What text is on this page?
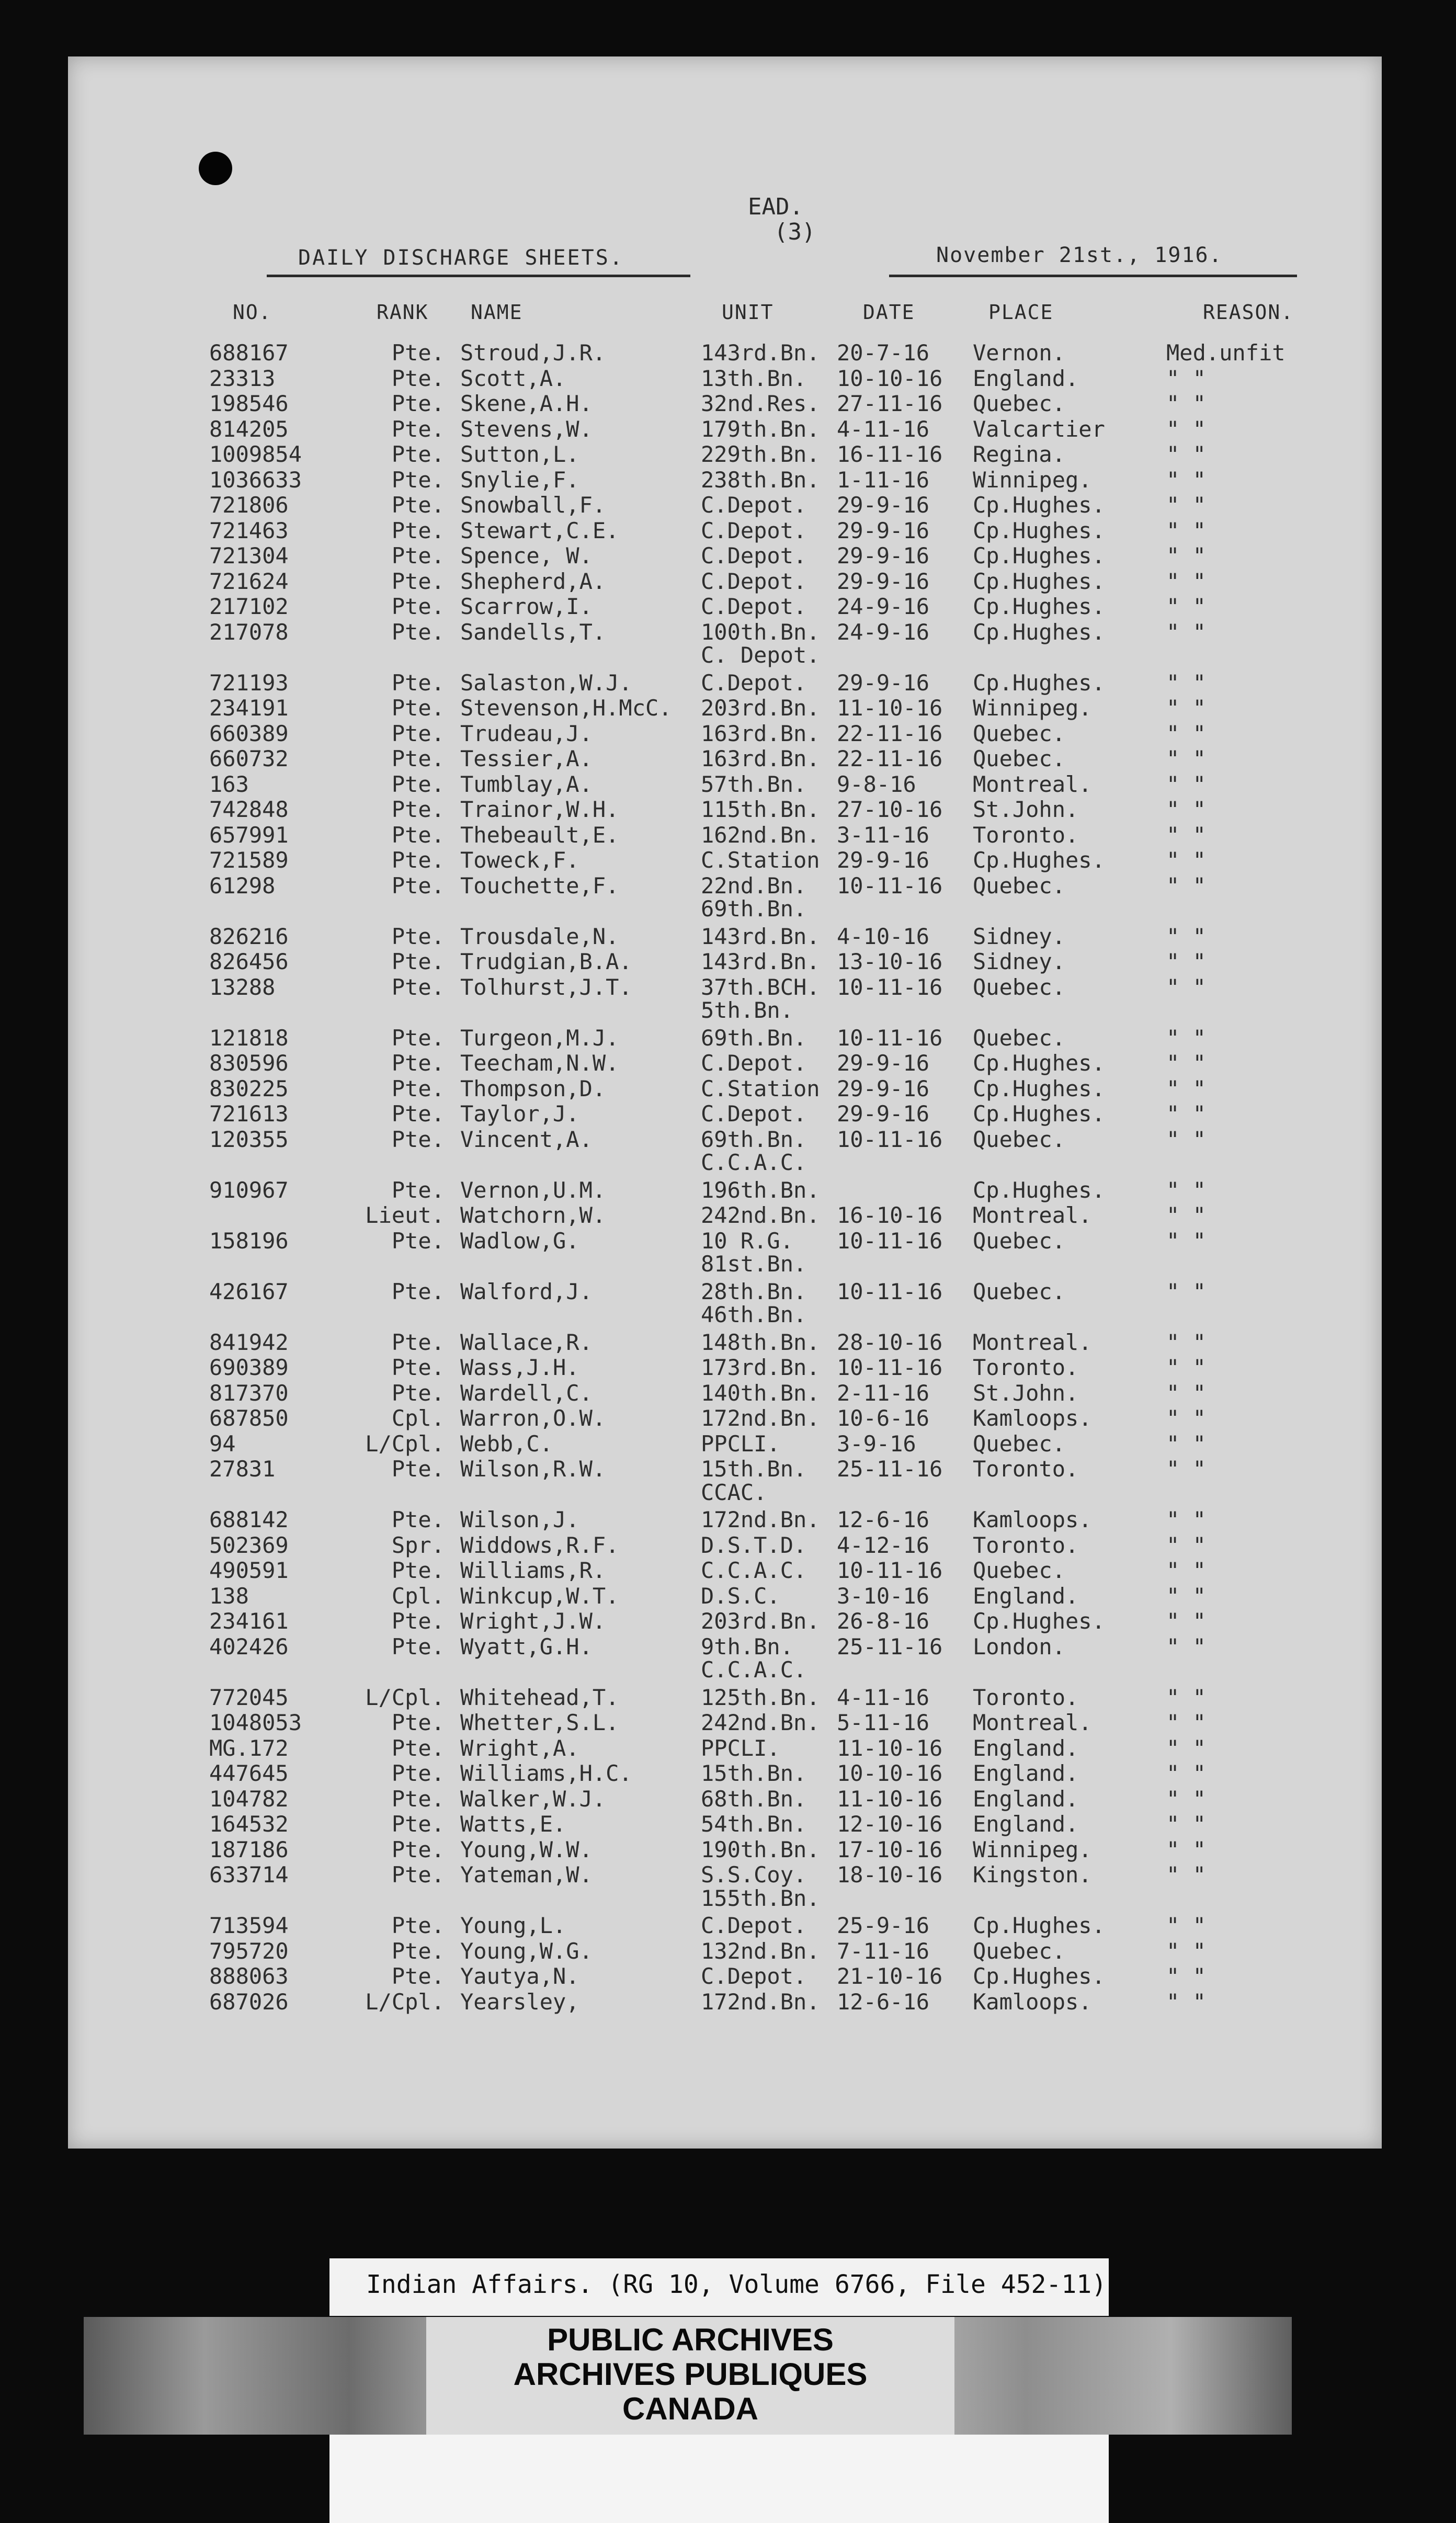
EAD.
(3)
DAILY DISCHARGE SHEETS.	November 21st., 1916.
NO.	RANK NAME	UNIT	DATE	PLACE	REASON.
688167	Pte. Stroud,J.R.	143rd.Bn. 20-7-16 Vernon.	Med.unfit
23313	Pte. Scott,A.	13th.Bn. 10-10-16 England.	" "
198546	Pte. Skene,A.H.	32nd.Res. 27-11-16 Quebec.	" "
814205	Pte. Stevens,W.	179th.Bn. 4-11-16 Valcartier	" "
1009854	Pte. Sutton,L.	229th.Bn. 16-11-16 Regina.	" "
1036633	Pte. Snylie,F.	238th.Bn. 1-11-16 Winnipeg.	" "
721806	Pte. Snowball,F.	C.Depot. 29-9-16 Cp.Hughes.	" "
721463	Pte. Stewart,C.E.	C.Depot. 29-9-16 Cp.Hughes.	" "
721304	Pte. Spence, W.	C.Depot. 29-9-16 Cp.Hughes.	" "
721624	Pte. Shepherd,A.	C.Depot. 29-9-16 Cp.Hughes.	" "
217102	Pte. Scarrow,I.	C.Depot. 24-9-16 Cp.Hughes.	" "
217078	Pte. Sandells,T.	100th.Bn. 24-9-16 Cp.Hughes.	" "
C. Depot.
721193	Pte. Salaston,W.J.	C.Depot. 29-9-16 Cp.Hughes.	" "
234191	Pte. Stevenson,H.McC. 203rd.Bn. 11-10-16 Winnipeg.	" "
660389	Pte. Trudeau,J.	163rd.Bn. 22-11-16 Quebec.	" "
660732	Pte. Tessier,A.	163rd.Bn. 22-11-16 Quebec.	" "
163	Pte. Tumblay,A.	57th.Bn. 9-8-16	Montreal.	" "
742848	Pte. Trainor,W.H.	115th.Bn. 27-10-16 St.John.	" "
657991	Pte. Thebeault,E.	162nd.Bn. 3-11-16 Toronto.	" "
721589	Pte. Toweck,F.	C.Station 29-9-16 Cp.Hughes.	" "
61298	Pte. Touchette,F.	22nd.Bn. 10-11-16 Quebec.	" "
69th.Bn.
826216	Pte. Trousdale,N.	143rd.Bn. 4-10-16 Sidney.	" "
826456	Pte. Trudgian,B.A.	143rd.Bn. 13-10-16 Sidney.	" "
13288	Pte. Tolhurst,J.T.	37th.BCH. 10-11-16 Quebec.	" "
5th.Bn.
121818	Pte. Turgeon,M.J.	69th.Bn. 10-11-16 Quebec.	" "
830596	Pte. Teecham,N.W.	C.Depot. 29-9-16 Cp.Hughes.	" "
830225	Pte. Thompson,D.	C.Station 29-9-16 Cp.Hughes.	" "
721613	Pte. Taylor,J.	C.Depot. 29-9-16 Cp.Hughes.	" "
120355	Pte. Vincent,A.	69th.Bn. 10-11-16 Quebec.	" "
C.C.A.C.
910967	Pte. Vernon,U.M.	196th.Bn.	Cp.Hughes.	" "
Lieut. Watchorn,W.	242nd.Bn. 16-10-16 Montreal.	" "
158196	Pte. Wadlow,G.	10 R.G. 10-11-16 Quebec.	" "
81st.Bn.
426167	Pte. Walford,J.	28th.Bn. 10-11-16 Quebec.	" "
46th.Bn.
841942	Pte. Wallace,R.	148th.Bn. 28-10-16 Montreal.	" "
690389	Pte. Wass,J.H.	173rd.Bn. 10-11-16 Toronto.	" "
817370	Pte. Wardell,C.	140th.Bn. 2-11-16 St.John.	" "
687850	Cpl. Warron,O.W.	172nd.Bn. 10-6-16 Kamloops.	" "
94	L/Cpl. Webb,C.	PPCLI.	3-9-16	Quebec.	" "
27831	Pte. Wilson,R.W.	15th.Bn. 25-11-16 Toronto.	" "
CCAC.
688142	Pte. Wilson,J.	172nd.Bn. 12-6-16 Kamloops.	" "
502369	Spr. Widdows,R.F.	D.S.T.D. 4-12-16 Toronto.	" "
490591	Pte. Williams,R.	C.C.A.C. 10-11-16 Quebec.	" "
138	Cpl. Winkcup,W.T.	D.S.C.	3-10-16 England.	" "
234161	Pte. Wright,J.W.	203rd.Bn. 26-8-16 Cp.Hughes.	" "
402426	Pte. Wyatt,G.H.	9th.Bn. 25-11-16 London.	" "
C.C.A.C.
772045	L/Cpl. Whitehead,T.	125th.Bn. 4-11-16 Toronto.	" "
1048053	Pte. Whetter,S.L.	242nd.Bn. 5-11-16 Montreal.	" "
MG.172	Pte. Wright,A.	PPCLI.	11-10-16 England.	" "
447645	Pte. Williams,H.C.	15th.Bn. 10-10-16 England.	" "
104782	Pte. Walker,W.J.	68th.Bn. 11-10-16 England.	" "
164532	Pte. Watts,E.	54th.Bn. 12-10-16 England.	" "
187186	Pte. Young,W.W.	190th.Bn. 17-10-16 Winnipeg.	" "
633714	Pte. Yateman,W.	S.S.Coy. 18-10-16 Kingston.	" "
155th.Bn.
713594	Pte. Young,L.	C.Depot. 25-9-16 Cp.Hughes.	" "
795720	Pte. Young,W.G.	132nd.Bn. 7-11-16 Quebec.	" "
888063	Pte. Yautya,N.	C.Depot. 21-10-16 Cp.Hughes.	" "
687026	L/Cpl. Yearsley,	172nd.Bn. 12-6-16 Kamloops.	" "
Indian Affairs. (RG 10, Volume 6766, File 452-11)
PUBLIC ARCHIVES
ARCHIVES PUBLIQUES
CANADA
